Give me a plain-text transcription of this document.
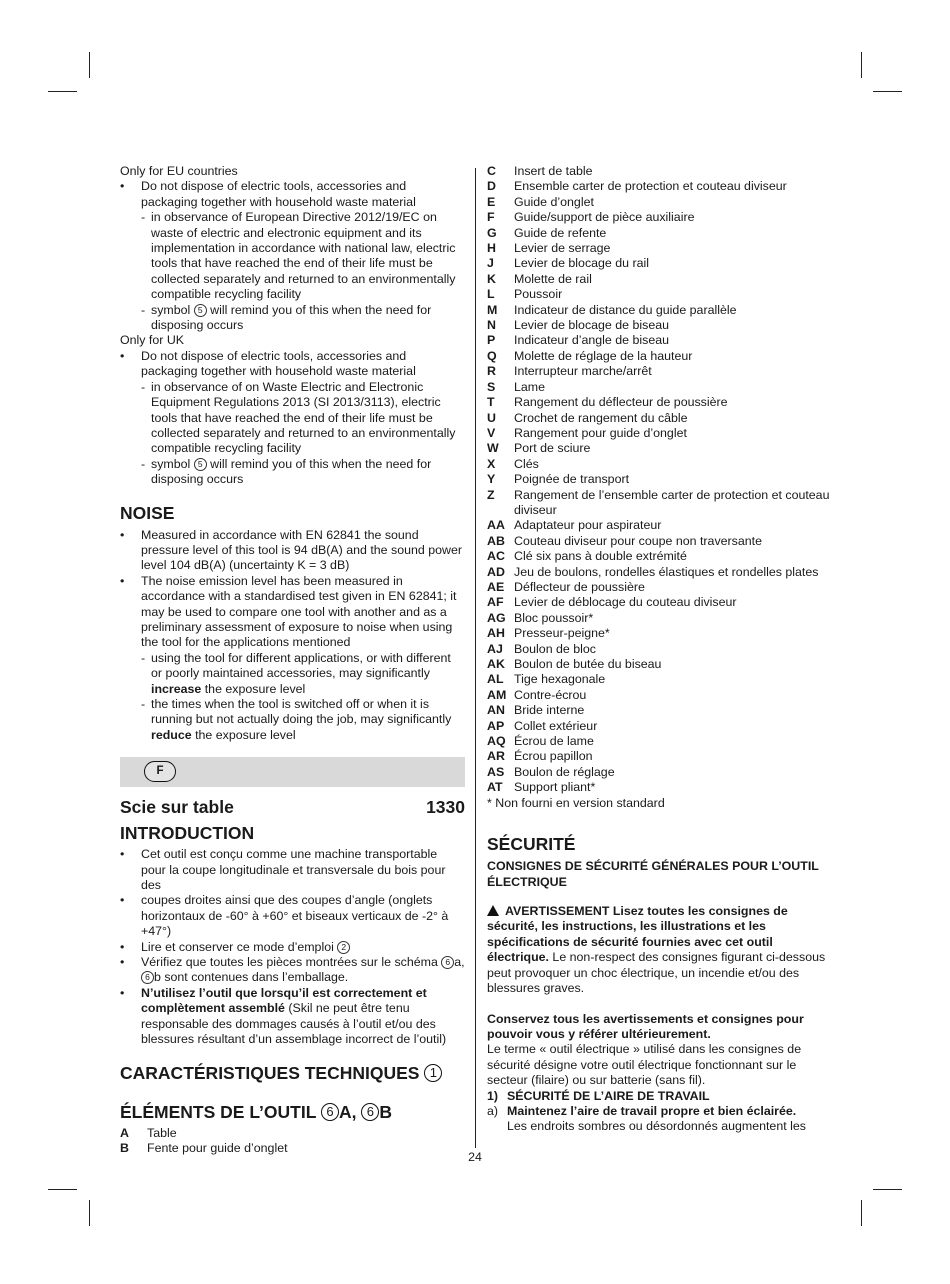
Only for EU countries

• Do not dispose of electric tools, accessories and packaging together with household waste material

- in observance of European Directive 2012/19/EC on waste of electric and electronic equipment and its implementation in accordance with national law, electric tools that have reached the end of their life must be collected separately and returned to an environmentally compatible recycling facility

- symbol 5 will remind you of this when the need for disposing occurs

Only for UK

• Do not dispose of electric tools, accessories and packaging together with household waste material

- in observance of on Waste Electric and Electronic Equipment Regulations 2013 (SI 2013/3113), electric tools that have reached the end of their life must be collected separately and returned to an environmentally compatible recycling facility

- symbol 5 will remind you of this when the need for disposing occurs

NOISE

• Measured in accordance with EN 62841 the sound pressure level of this tool is 94 dB(A) and the sound power level 104 dB(A) (uncertainty K = 3 dB)

• The noise emission level has been measured in accordance with a standardised test given in EN 62841; it may be used to compare one tool with another and as a preliminary assessment of exposure to noise when using the tool for the applications mentioned

- using the tool for different applications, or with different or poorly maintained accessories, may significantly increase the exposure level

- the times when the tool is switched off or when it is running but not actually doing the job, may significantly reduce the exposure level

F
Scie sur table	1330
INTRODUCTION

• Cet outil est conçu comme une machine transportable pour la coupe longitudinale et transversale du bois pour des

• coupes droites ainsi que des coupes d’angle (onglets horizontaux de -60° à +60° et biseaux verticaux de -2° à +47°)

• Lire et conserver ce mode d’emploi 2

• Vérifiez que toutes les pièces montrées sur le schéma 6 a, 6 b sont contenues dans l’emballage.

• N’utilisez l’outil que lorsqu’il est correctement et complètement assemblé (Skil ne peut être tenu responsable des dommages causés à l’outil et/ou des blessures résultant d’un assemblage incorrect de l’outil)

CARACTÉRISTIQUES TECHNIQUES 1
ÉLÉMENTS DE L’OUTIL 6 A, 6 B
A	Table
B	Fente pour guide d’onglet
C	Insert de table
D	Ensemble carter de protection et couteau diviseur
E	Guide d’onglet
F	Guide/support de pièce auxiliaire
G	Guide de refente
H	Levier de serrage
J	Levier de blocage du rail
K	Molette de rail
L	Poussoir
M	Indicateur de distance du guide parallèle
N	Levier de blocage de biseau
P	Indicateur d’angle de biseau
Q	Molette de réglage de la hauteur
R	Interrupteur marche/arrêt
S	Lame
T	Rangement du déflecteur de poussière
U	Crochet de rangement du câble
V	Rangement pour guide d’onglet
W	Port de sciure
X	Clés
Y	Poignée de transport
Z	Rangement de l’ensemble carter de protection et couteau diviseur
AA Adaptateur pour aspirateur
AB Couteau diviseur pour coupe non traversante
AC Clé six pans à double extrémité
AD Jeu de boulons, rondelles élastiques et rondelles plates
AE Déflecteur de poussière
AF Levier de déblocage du couteau diviseur
AG Bloc poussoir*
AH Presseur-peigne*
AJ Boulon de bloc
AK Boulon de butée du biseau
AL Tige hexagonale
AM Contre-écrou
AN Bride interne
AP Collet extérieur
AQ Écrou de lame
AR Écrou papillon
AS Boulon de réglage
AT Support pliant*

* Non fourni en version standard

SÉCURITÉ

CONSIGNES DE SÉCURITÉ GÉNÉRALES POUR L’OUTIL ÉLECTRIQUE

AVERTISSEMENT Lisez toutes les consignes de sécurité, les instructions, les illustrations et les spécifications de sécurité fournies avec cet outil électrique. Le non-respect des consignes figurant ci-dessous peut provoquer un choc électrique, un incendie et/ou des blessures graves.

Conservez tous les avertissements et consignes pour pouvoir vous y référer ultérieurement.

Le terme « outil électrique » utilisé dans les consignes de sécurité désigne votre outil électrique fonctionnant sur le secteur (filaire) ou sur batterie (sans fil).

1) SÉCURITÉ DE L’AIRE DE TRAVAIL
a) Maintenez l’aire de travail propre et bien éclairée.
Les endroits sombres ou désordonnés augmentent les
24
